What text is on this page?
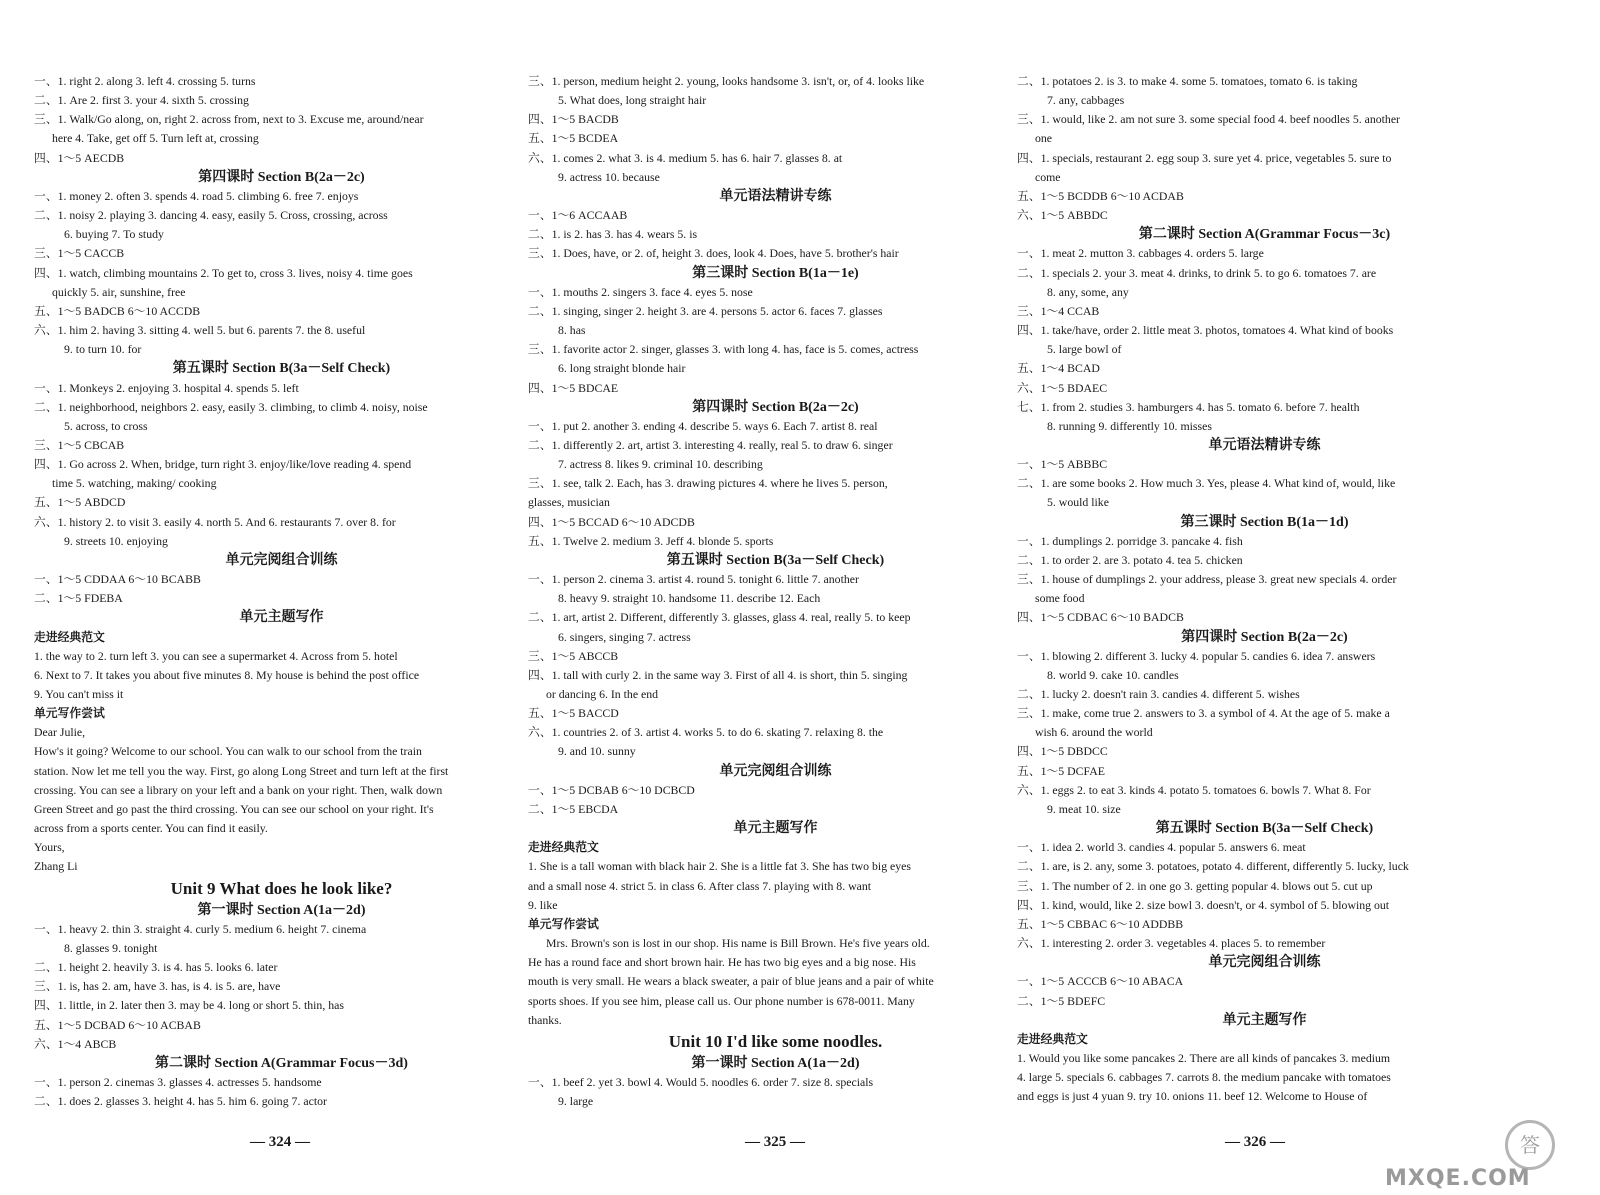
一、1. right 2. along 3. left 4. crossing 5. turns
二、1. Are 2. first 3. your 4. sixth 5. crossing
三、1. Walk/Go along, on, right 2. across from, next to 3. Excuse me, around/near
here 4. Take, get off 5. Turn left at, crossing
四、1～5 AECDB
第四课时 Section B(2a－2c)
一、1. money 2. often 3. spends 4. road 5. climbing 6. free 7. enjoys
二、1. noisy 2. playing 3. dancing 4. easy, easily 5. Cross, crossing, across
6. buying 7. To study
三、1～5 CACCB
四、1. watch, climbing mountains 2. To get to, cross 3. lives, noisy 4. time goes
quickly 5. air, sunshine, free
五、1～5 BADCB 6～10 ACCDB
六、1. him 2. having 3. sitting 4. well 5. but 6. parents 7. the 8. useful
9. to turn 10. for
第五课时 Section B(3a－Self Check)
一、1. Monkeys 2. enjoying 3. hospital 4. spends 5. left
二、1. neighborhood, neighbors 2. easy, easily 3. climbing, to climb 4. noisy, noise
5. across, to cross
三、1～5 CBCAB
四、1. Go across 2. When, bridge, turn right 3. enjoy/like/love reading 4. spend
time 5. watching, making/ cooking
五、1～5 ABDCD
六、1. history 2. to visit 3. easily 4. north 5. And 6. restaurants 7. over 8. for
9. streets 10. enjoying
单元完阅组合训练
一、1～5 CDDAA 6～10 BCABB
二、1～5 FDEBA
单元主题写作
走进经典范文
1. the way to 2. turn left 3. you can see a supermarket 4. Across from 5. hotel
6. Next to 7. It takes you about five minutes 8. My house is behind the post office
9. You can't miss it
单元写作尝试
Dear Julie,
How's it going? Welcome to our school. You can walk to our school from the train
station. Now let me tell you the way. First, go along Long Street and turn left at the first
crossing. You can see a library on your left and a bank on your right. Then, walk down
Green Street and go past the third crossing. You can see our school on your right. It's
across from a sports center. You can find it easily.
Yours,
Zhang Li
Unit 9 What does he look like?
第一课时 Section A(1a－2d)
一、1. heavy 2. thin 3. straight 4. curly 5. medium 6. height 7. cinema
8. glasses 9. tonight
二、1. height 2. heavily 3. is 4. has 5. looks 6. later
三、1. is, has 2. am, have 3. has, is 4. is 5. are, have
四、1. little, in 2. later then 3. may be 4. long or short 5. thin, has
五、1～5 DCBAD 6～10 ACBAB
六、1～4 ABCB
第二课时 Section A(Grammar Focus－3d)
一、1. person 2. cinemas 3. glasses 4. actresses 5. handsome
二、1. does 2. glasses 3. height 4. has 5. him 6. going 7. actor
三、1. person, medium height 2. young, looks handsome 3. isn't, or, of 4. looks like
5. What does, long straight hair
四、1～5 BACDB
五、1～5 BCDEA
六、1. comes 2. what 3. is 4. medium 5. has 6. hair 7. glasses 8. at
9. actress 10. because
单元语法精讲专练
一、1～6 ACCAAB
二、1. is 2. has 3. has 4. wears 5. is
三、1. Does, have, or 2. of, height 3. does, look 4. Does, have 5. brother's hair
第三课时 Section B(1a－1e)
一、1. mouths 2. singers 3. face 4. eyes 5. nose
二、1. singing, singer 2. height 3. are 4. persons 5. actor 6. faces 7. glasses
8. has
三、1. favorite actor 2. singer, glasses 3. with long 4. has, face is 5. comes, actress
6. long straight blonde hair
四、1～5 BDCAE
第四课时 Section B(2a－2c)
一、1. put 2. another 3. ending 4. describe 5. ways 6. Each 7. artist 8. real
二、1. differently 2. art, artist 3. interesting 4. really, real 5. to draw 6. singer
7. actress 8. likes 9. criminal 10. describing
三、1. see, talk 2. Each, has 3. drawing pictures 4. where he lives 5. person,
glasses, musician
四、1～5 BCCAD 6～10 ADCDB
五、1. Twelve 2. medium 3. Jeff 4. blonde 5. sports
第五课时 Section B(3a－Self Check)
一、1. person 2. cinema 3. artist 4. round 5. tonight 6. little 7. another
8. heavy 9. straight 10. handsome 11. describe 12. Each
二、1. art, artist 2. Different, differently 3. glasses, glass 4. real, really 5. to keep
6. singers, singing 7. actress
三、1～5 ABCCB
四、1. tall with curly 2. in the same way 3. First of all 4. is short, thin 5. singing
or dancing 6. In the end
五、1～5 BACCD
六、1. countries 2. of 3. artist 4. works 5. to do 6. skating 7. relaxing 8. the
9. and 10. sunny
单元完阅组合训练
一、1～5 DCBAB 6～10 DCBCD
二、1～5 EBCDA
单元主题写作
走进经典范文
1. She is a tall woman with black hair 2. She is a little fat 3. She has two big eyes
and a small nose 4. strict 5. in class 6. After class 7. playing with 8. want
9. like
单元写作尝试
Mrs. Brown's son is lost in our shop. His name is Bill Brown. He's five years old.
He has a round face and short brown hair. He has two big eyes and a big nose. His
mouth is very small. He wears a black sweater, a pair of blue jeans and a pair of white
sports shoes. If you see him, please call us. Our phone number is 678-0011. Many
thanks.
Unit 10 I'd like some noodles.
第一课时 Section A(1a－2d)
一、1. beef 2. yet 3. bowl 4. Would 5. noodles 6. order 7. size 8. specials
9. large
二、1. potatoes 2. is 3. to make 4. some 5. tomatoes, tomato 6. is taking
7. any, cabbages
三、1. would, like 2. am not sure 3. some special food 4. beef noodles 5. another
one
四、1. specials, restaurant 2. egg soup 3. sure yet 4. price, vegetables 5. sure to
come
五、1～5 BCDDB 6～10 ACDAB
六、1～5 ABBDC
第二课时 Section A(Grammar Focus－3c)
一、1. meat 2. mutton 3. cabbages 4. orders 5. large
二、1. specials 2. your 3. meat 4. drinks, to drink 5. to go 6. tomatoes 7. are
8. any, some, any
三、1～4 CCAB
四、1. take/have, order 2. little meat 3. photos, tomatoes 4. What kind of books
5. large bowl of
五、1～4 BCAD
六、1～5 BDAEC
七、1. from 2. studies 3. hamburgers 4. has 5. tomato 6. before 7. health
8. running 9. differently 10. misses
单元语法精讲专练
一、1～5 ABBBC
二、1. are some books 2. How much 3. Yes, please 4. What kind of, would, like
5. would like
第三课时 Section B(1a－1d)
一、1. dumplings 2. porridge 3. pancake 4. fish
二、1. to order 2. are 3. potato 4. tea 5. chicken
三、1. house of dumplings 2. your address, please 3. great new specials 4. order
some food
四、1～5 CDBAC 6～10 BADCB
第四课时 Section B(2a－2c)
一、1. blowing 2. different 3. lucky 4. popular 5. candies 6. idea 7. answers
8. world 9. cake 10. candles
二、1. lucky 2. doesn't rain 3. candies 4. different 5. wishes
三、1. make, come true 2. answers to 3. a symbol of 4. At the age of 5. make a
wish 6. around the world
四、1～5 DBDCC
五、1～5 DCFAE
六、1. eggs 2. to eat 3. kinds 4. potato 5. tomatoes 6. bowls 7. What 8. For
9. meat 10. size
第五课时 Section B(3a－Self Check)
一、1. idea 2. world 3. candies 4. popular 5. answers 6. meat
二、1. are, is 2. any, some 3. potatoes, potato 4. different, differently 5. lucky, luck
三、1. The number of 2. in one go 3. getting popular 4. blows out 5. cut up
四、1. kind, would, like 2. size bowl 3. doesn't, or 4. symbol of 5. blowing out
五、1～5 CBBAC 6～10 ADDBB
六、1. interesting 2. order 3. vegetables 4. places 5. to remember
单元完阅组合训练
一、1～5 ACCCB 6～10 ABACA
二、1～5 BDEFC
单元主题写作
走进经典范文
1. Would you like some pancakes 2. There are all kinds of pancakes 3. medium
4. large 5. specials 6. cabbages 7. carrots 8. the medium pancake with tomatoes
and eggs is just 4 yuan 9. try 10. onions 11. beef 12. Welcome to House of
— 324 —	— 325 —	— 326 —	答
MXQE.COM
